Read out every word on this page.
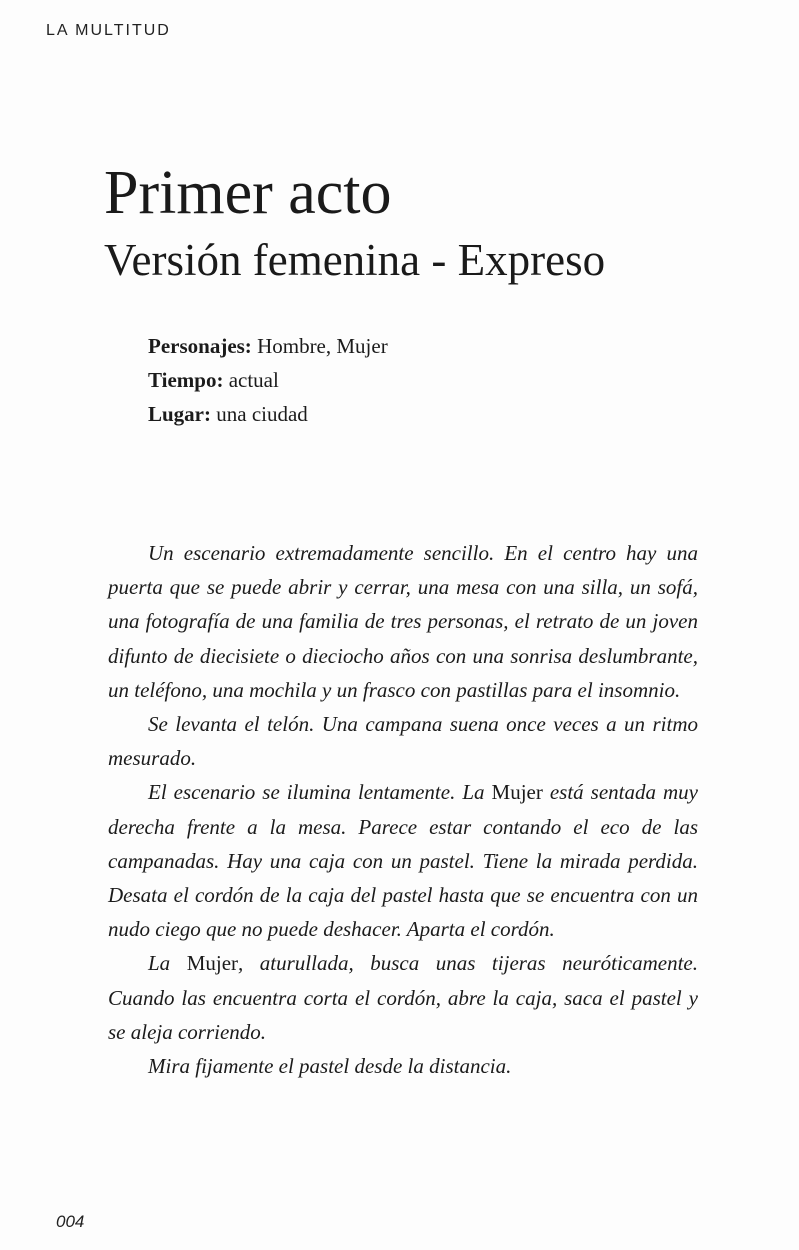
LA MULTITUD
Primer acto
Versión femenina - Expreso
Personajes: Hombre, Mujer
Tiempo: actual
Lugar: una ciudad

Un escenario extremadamente sencillo. En el centro hay una puerta que se puede abrir y cerrar, una mesa con una silla, un sofá, una fotografía de una familia de tres personas, el retrato de un joven difunto de diecisiete o dieciocho años con una sonrisa deslumbrante, un teléfono, una mochila y un frasco con pastillas para el insomnio.

Se levanta el telón. Una campana suena once veces a un ritmo mesurado.

El escenario se ilumina lentamente. La Mujer está sentada muy derecha frente a la mesa. Parece estar contando el eco de las campanadas. Hay una caja con un pastel. Tiene la mirada perdida. Desata el cordón de la caja del pastel hasta que se encuentra con un nudo ciego que no puede deshacer. Aparta el cordón.

La Mujer, aturullada, busca unas tijeras neuróticamente. Cuando las encuentra corta el cordón, abre la caja, saca el pastel y se aleja corriendo.

Mira fijamente el pastel desde la distancia.

004
